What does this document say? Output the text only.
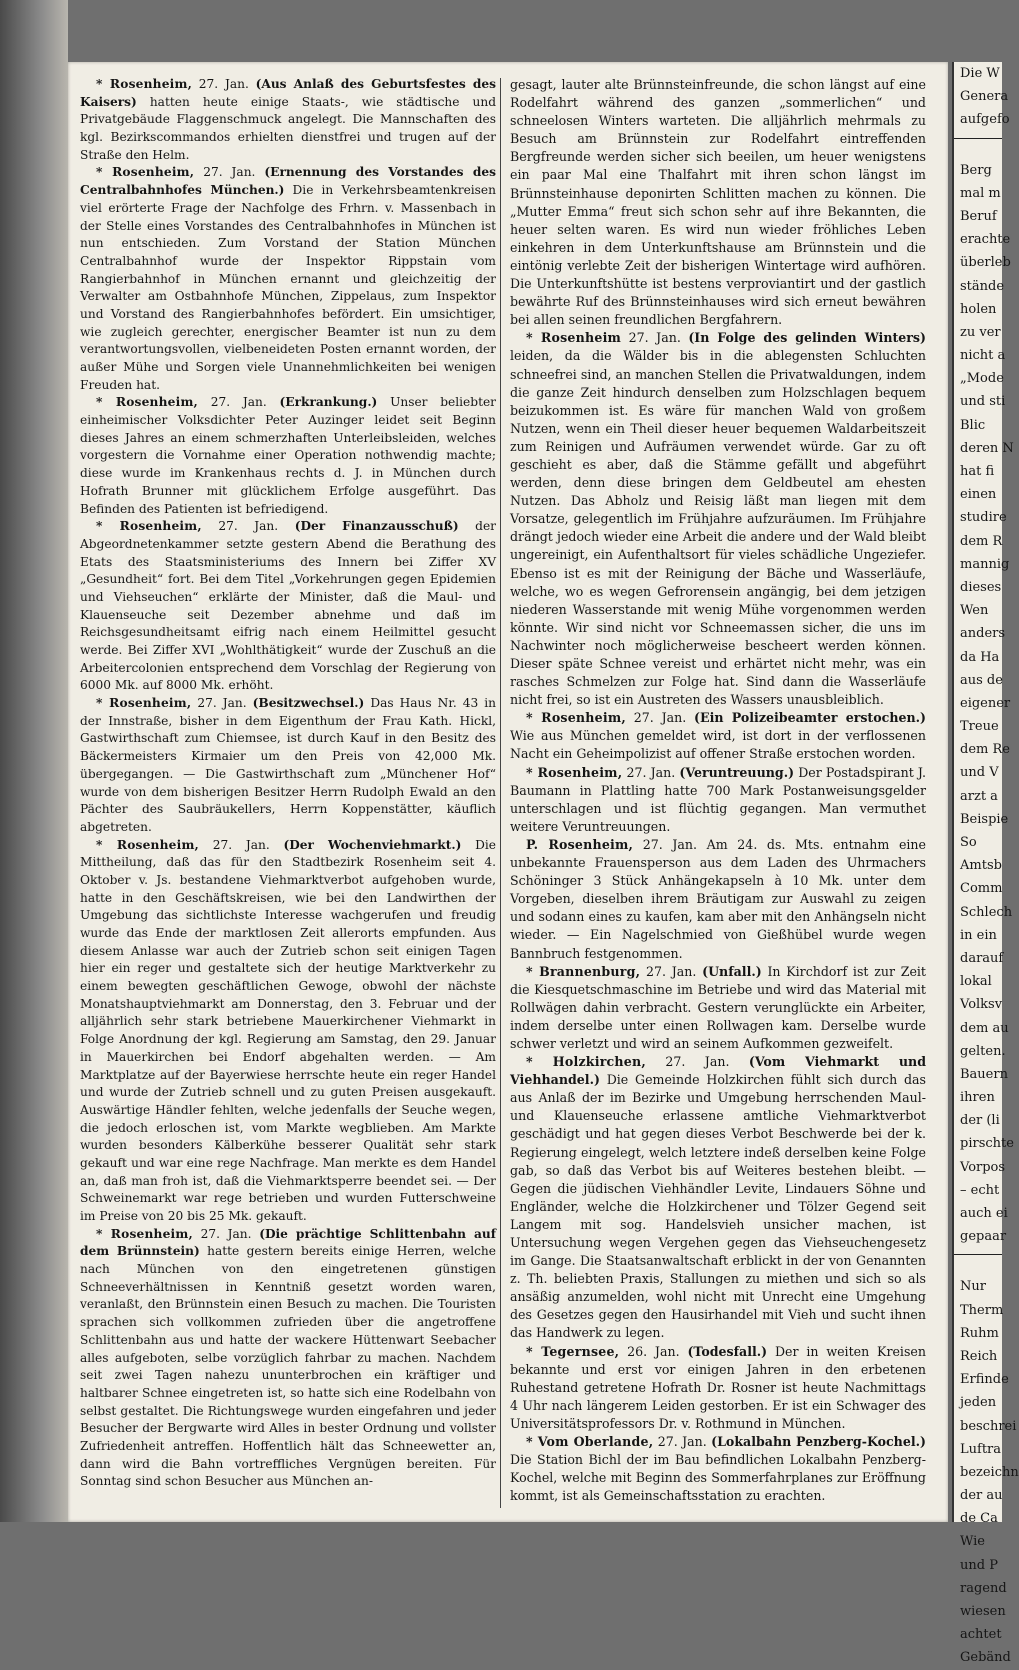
* Rosenheim, 27. Jan. (Aus Anlaß des Geburtsfestes des Kaisers) hatten heute einige Staats-, wie städtische und Privatgebäude Flaggenschmuck angelegt. Die Mannschaften des kgl. Bezirkscommandos erhielten dienstfrei und trugen auf der Straße den Helm.

* Rosenheim, 27. Jan. (Ernennung des Vorstandes des Centralbahnhofes München.) Die in Verkehrsbeamtenkreisen viel erörterte Frage der Nachfolge des Frhrn. v. Massenbach in der Stelle eines Vorstandes des Centralbahnhofes in München ist nun entschieden. Zum Vorstand der Station München Centralbahnhof wurde der Inspektor Rippstain vom Rangierbahnhof in München ernannt und gleichzeitig der Verwalter am Ostbahnhofe München, Zippelaus, zum Inspektor und Vorstand des Rangierbahnhofes befördert. Ein umsichtiger, wie zugleich gerechter, energischer Beamter ist nun zu dem verantwortungsvollen, vielbeneideten Posten ernannt worden, der außer Mühe und Sorgen viele Unannehmlichkeiten bei wenigen Freuden hat.

* Rosenheim, 27. Jan. (Erkrankung.) Unser beliebter einheimischer Volksdichter Peter Auzinger leidet seit Beginn dieses Jahres an einem schmerzhaften Unterleibsleiden, welches vorgestern die Vornahme einer Operation nothwendig machte; diese wurde im Krankenhaus rechts d. J. in München durch Hofrath Brunner mit glücklichem Erfolge ausgeführt. Das Befinden des Patienten ist befriedigend.

* Rosenheim, 27. Jan. (Der Finanzausschuß) der Abgeordnetenkammer setzte gestern Abend die Berathung des Etats des Staatsministeriums des Innern bei Ziffer XV „Gesundheit“ fort. Bei dem Titel „Vorkehrungen gegen Epidemien und Viehseuchen“ erklärte der Minister, daß die Maul- und Klauenseuche seit Dezember abnehme und daß im Reichsgesundheitsamt eifrig nach einem Heilmittel gesucht werde. Bei Ziffer XVI „Wohlthätigkeit“ wurde der Zuschuß an die Arbeitercolonien entsprechend dem Vorschlag der Regierung von 6000 Mk. auf 8000 Mk. erhöht.

* Rosenheim, 27. Jan. (Besitzwechsel.) Das Haus Nr. 43 in der Innstraße, bisher in dem Eigenthum der Frau Kath. Hickl, Gastwirthschaft zum Chiemsee, ist durch Kauf in den Besitz des Bäckermeisters Kirmaier um den Preis von 42,000 Mk. übergegangen. — Die Gastwirthschaft zum „Münchener Hof“ wurde von dem bisherigen Besitzer Herrn Rudolph Ewald an den Pächter des Saubräukellers, Herrn Koppenstätter, käuflich abgetreten.

* Rosenheim, 27. Jan. (Der Wochenviehmarkt.) Die Mittheilung, daß das für den Stadtbezirk Rosenheim seit 4. Oktober v. Js. bestandene Viehmarktverbot aufgehoben wurde, hatte in den Geschäftskreisen, wie bei den Landwirthen der Umgebung das sichtlichste Interesse wachgerufen und freudig wurde das Ende der marktlosen Zeit allerorts empfunden. Aus diesem Anlasse war auch der Zutrieb schon seit einigen Tagen hier ein reger und gestaltete sich der heutige Marktverkehr zu einem bewegten geschäftlichen Gewoge, obwohl der nächste Monatshauptviehmarkt am Donnerstag, den 3. Februar und der alljährlich sehr stark betriebene Mauerkirchener Viehmarkt in Folge Anordnung der kgl. Regierung am Samstag, den 29. Januar in Mauerkirchen bei Endorf abgehalten werden. — Am Marktplatze auf der Bayerwiese herrschte heute ein reger Handel und wurde der Zutrieb schnell und zu guten Preisen ausgekauft. Auswärtige Händler fehlten, welche jedenfalls der Seuche wegen, die jedoch erloschen ist, vom Markte wegblieben. Am Markte wurden besonders Kälberkühe besserer Qualität sehr stark gekauft und war eine rege Nachfrage. Man merkte es dem Handel an, daß man froh ist, daß die Viehmarktsperre beendet sei. — Der Schweinemarkt war rege betrieben und wurden Futterschweine im Preise von 20 bis 25 Mk. gekauft.

* Rosenheim, 27. Jan. (Die prächtige Schlittenbahn auf dem Brünnstein) hatte gestern bereits einige Herren, welche nach München von den eingetretenen günstigen Schneeverhältnissen in Kenntniß gesetzt worden waren, veranlaßt, den Brünnstein einen Besuch zu machen. Die Touristen sprachen sich vollkommen zufrieden über die angetroffene Schlittenbahn aus und hatte der wackere Hüttenwart Seebacher alles aufgeboten, selbe vorzüglich fahrbar zu machen. Nachdem seit zwei Tagen nahezu ununterbrochen ein kräftiger und haltbarer Schnee eingetreten ist, so hatte sich eine Rodelbahn von selbst gestaltet. Die Richtungswege wurden eingefahren und jeder Besucher der Bergwarte wird Alles in bester Ordnung und vollster Zufriedenheit antreffen. Hoffentlich hält das Schneewetter an, dann wird die Bahn vortreffliches Vergnügen bereiten. Für Sonntag sind schon Besucher aus München an-

gesagt, lauter alte Brünnsteinfreunde, die schon längst auf eine Rodelfahrt während des ganzen „sommerlichen“ und schneelosen Winters warteten. Die alljährlich mehrmals zu Besuch am Brünnstein zur Rodelfahrt eintreffenden Bergfreunde werden sicher sich beeilen, um heuer wenigstens ein paar Mal eine Thalfahrt mit ihren schon längst im Brünnsteinhause deponirten Schlitten machen zu können. Die „Mutter Emma“ freut sich schon sehr auf ihre Bekannten, die heuer selten waren. Es wird nun wieder fröhliches Leben einkehren in dem Unterkunftshause am Brünnstein und die eintönig verlebte Zeit der bisherigen Wintertage wird aufhören. Die Unterkunftshütte ist bestens verproviantirt und der gastlich bewährte Ruf des Brünnsteinhauses wird sich erneut bewähren bei allen seinen freundlichen Bergfahrern.

* Rosenheim 27. Jan. (In Folge des gelinden Winters) leiden, da die Wälder bis in die ablegensten Schluchten schneefrei sind, an manchen Stellen die Privatwaldungen, indem die ganze Zeit hindurch denselben zum Holzschlagen bequem beizukommen ist. Es wäre für manchen Wald von großem Nutzen, wenn ein Theil dieser heuer bequemen Waldarbeitszeit zum Reinigen und Aufräumen verwendet würde. Gar zu oft geschieht es aber, daß die Stämme gefällt und abgeführt werden, denn diese bringen dem Geldbeutel am ehesten Nutzen. Das Abholz und Reisig läßt man liegen mit dem Vorsatze, gelegentlich im Frühjahre aufzuräumen. Im Frühjahre drängt jedoch wieder eine Arbeit die andere und der Wald bleibt ungereinigt, ein Aufenthaltsort für vieles schädliche Ungeziefer. Ebenso ist es mit der Reinigung der Bäche und Wasserläufe, welche, wo es wegen Gefrorensein angängig, bei dem jetzigen niederen Wasserstande mit wenig Mühe vorgenommen werden könnte. Wir sind nicht vor Schneemassen sicher, die uns im Nachwinter noch möglicherweise bescheert werden können. Dieser späte Schnee vereist und erhärtet nicht mehr, was ein rasches Schmelzen zur Folge hat. Sind dann die Wasserläufe nicht frei, so ist ein Austreten des Wassers unausbleiblich.

* Rosenheim, 27. Jan. (Ein Polizeibeamter erstochen.) Wie aus München gemeldet wird, ist dort in der verflossenen Nacht ein Geheimpolizist auf offener Straße erstochen worden.

* Rosenheim, 27. Jan. (Veruntreuung.) Der Postadspirant J. Baumann in Plattling hatte 700 Mark Postanweisungsgelder unterschlagen und ist flüchtig gegangen. Man vermuthet weitere Veruntreuungen.

P. Rosenheim, 27. Jan. Am 24. ds. Mts. entnahm eine unbekannte Frauensperson aus dem Laden des Uhrmachers Schöninger 3 Stück Anhängekapseln à 10 Mk. unter dem Vorgeben, dieselben ihrem Bräutigam zur Auswahl zu zeigen und sodann eines zu kaufen, kam aber mit den Anhängseln nicht wieder. — Ein Nagelschmied von Gießhübel wurde wegen Bannbruch festgenommen.

* Brannenburg, 27. Jan. (Unfall.) In Kirchdorf ist zur Zeit die Kiesquetschmaschine im Betriebe und wird das Material mit Rollwägen dahin verbracht. Gestern verunglückte ein Arbeiter, indem derselbe unter einen Rollwagen kam. Derselbe wurde schwer verletzt und wird an seinem Aufkommen gezweifelt.

* Holzkirchen, 27. Jan. (Vom Viehmarkt und Viehhandel.) Die Gemeinde Holzkirchen fühlt sich durch das aus Anlaß der im Bezirke und Umgebung herrschenden Maul- und Klauenseuche erlassene amtliche Viehmarktverbot geschädigt und hat gegen dieses Verbot Beschwerde bei der k. Regierung eingelegt, welch letztere indeß derselben keine Folge gab, so daß das Verbot bis auf Weiteres bestehen bleibt. — Gegen die jüdischen Viehhändler Levite, Lindauers Söhne und Engländer, welche die Holzkirchener und Tölzer Gegend seit Langem mit sog. Handelsvieh unsicher machen, ist Untersuchung wegen Vergehen gegen das Viehseuchengesetz im Gange. Die Staatsanwaltschaft erblickt in der von Genannten z. Th. beliebten Praxis, Stallungen zu miethen und sich so als ansäßig anzumelden, wohl nicht mit Unrecht eine Umgehung des Gesetzes gegen den Hausirhandel mit Vieh und sucht ihnen das Handwerk zu legen.

* Tegernsee, 26. Jan. (Todesfall.) Der in weiten Kreisen bekannte und erst vor einigen Jahren in den erbetenen Ruhestand getretene Hofrath Dr. Rosner ist heute Nachmittags 4 Uhr nach längerem Leiden gestorben. Er ist ein Schwager des Universitätsprofessors Dr. v. Rothmund in München.

* Vom Oberlande, 27. Jan. (Lokalbahn Penzberg-Kochel.) Die Station Bichl der im Bau befindlichen Lokalbahn Penzberg-Kochel, welche mit Beginn des Sommerfahrplanes zur Eröffnung kommt, ist als Gemeinschaftsstation zu erachten.

Die W
Genera
aufgefo
Berg
mal m
Beruf
erachte
überleb
stände
holen
zu ver
nicht a
„Mode
und sti
Blic
deren N
hat fi
einen
studire
dem R
mannig
dieses
Wen
anders
da Ha
aus de
eigener
Treue
dem Re
und V
arzt a
Beispie
So
Amtsb
Comm
Schlech
in ein
darauf
lokal
Volksv
dem au
gelten.
Bauern
ihren
der (li
pirschte
Vorpos
– echt
auch ei
gepaar
Nur
Therm
Ruhm
Reich
Erfinde
jeden
beschrei
Luftra
bezeichn
der au
de Ca
Wie
und P
ragend
wiesen
achtet
Gebänd
